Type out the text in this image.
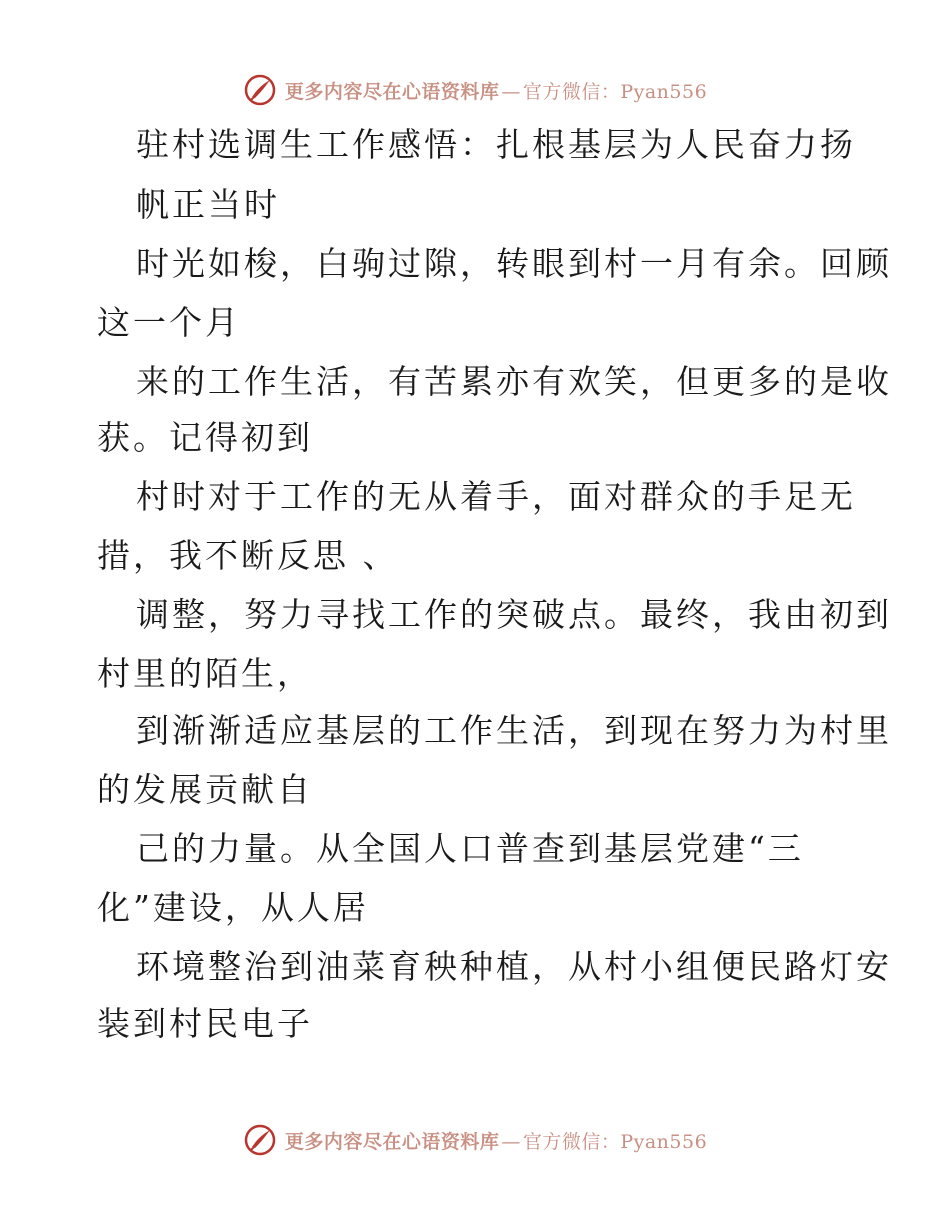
更多内容尽在心语资料库 — 官方微信：Pyan556
驻村选调生工作感悟：扎根基层为人民奋力扬
帆正当时
时光如梭，白驹过隙，转眼到村一月有余。回顾
这一个月
来的工作生活，有苦累亦有欢笑，但更多的是收
获。记得初到
村时对于工作的无从着手，面对群众的手足无
措，我不断反思 、
调整，努力寻找工作的突破点。最终，我由初到
村里的陌生，
到渐渐适应基层的工作生活，到现在努力为村里
的发展贡献自
己的力量。从全国人口普查到基层党建“三
化”建设，从人居
环境整治到油菜育秧种植，从村小组便民路灯安
装到村民电子
更多内容尽在心语资料库 — 官方微信：Pyan556
